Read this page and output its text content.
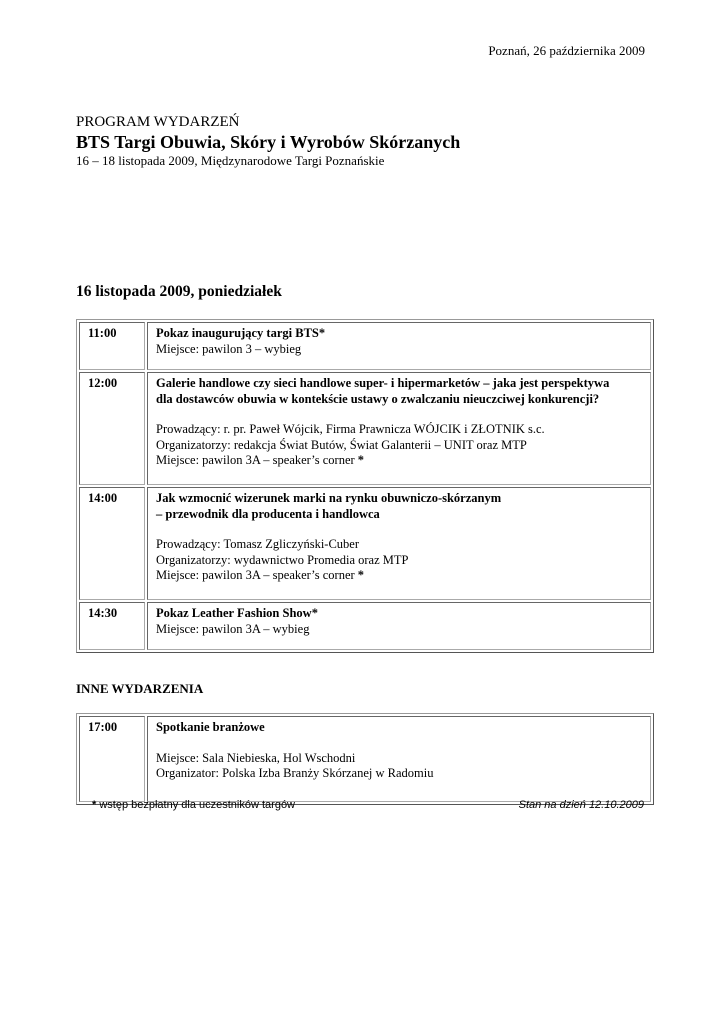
Poznań, 26 października 2009
PROGRAM WYDARZEŃ
BTS Targi Obuwia, Skóry i Wyrobów Skórzanych
16 – 18 listopada 2009, Międzynarodowe Targi Poznańskie
16 listopada 2009, poniedziałek
11:00	Pokaz inaugurujący targi BTS*
Miejsce: pawilon 3 – wybieg

12:00	Galerie handlowe czy sieci handlowe super- i hipermarketów – jaka jest perspektywa
dla dostawców obuwia w kontekście ustawy o zwalczaniu nieuczciwej konkurencji?
Prowadzący: r. pr. Paweł Wójcik, Firma Prawnicza WÓJCIK i ZŁOTNIK s.c.
Organizatorzy: redakcja Świat Butów, Świat Galanterii – UNIT oraz MTP
Miejsce: pawilon 3A – speaker’s corner *

14:00	Jak wzmocnić wizerunek marki na rynku obuwniczo-skórzanym
– przewodnik dla producenta i handlowca
Prowadzący: Tomasz Zgliczyński-Cuber
Organizatorzy: wydawnictwo Promedia oraz MTP
Miejsce: pawilon 3A – speaker’s corner *

14:30	Pokaz Leather Fashion Show*
Miejsce: pawilon 3A – wybieg
INNE WYDARZENIA
17:00	Spotkanie branżowe
Miejsce: Sala Niebieska, Hol Wschodni
Organizator: Polska Izba Branży Skórzanej w Radomiu
* wstęp bezpłatny dla uczestników targów	Stan na dzień 12.10.2009
